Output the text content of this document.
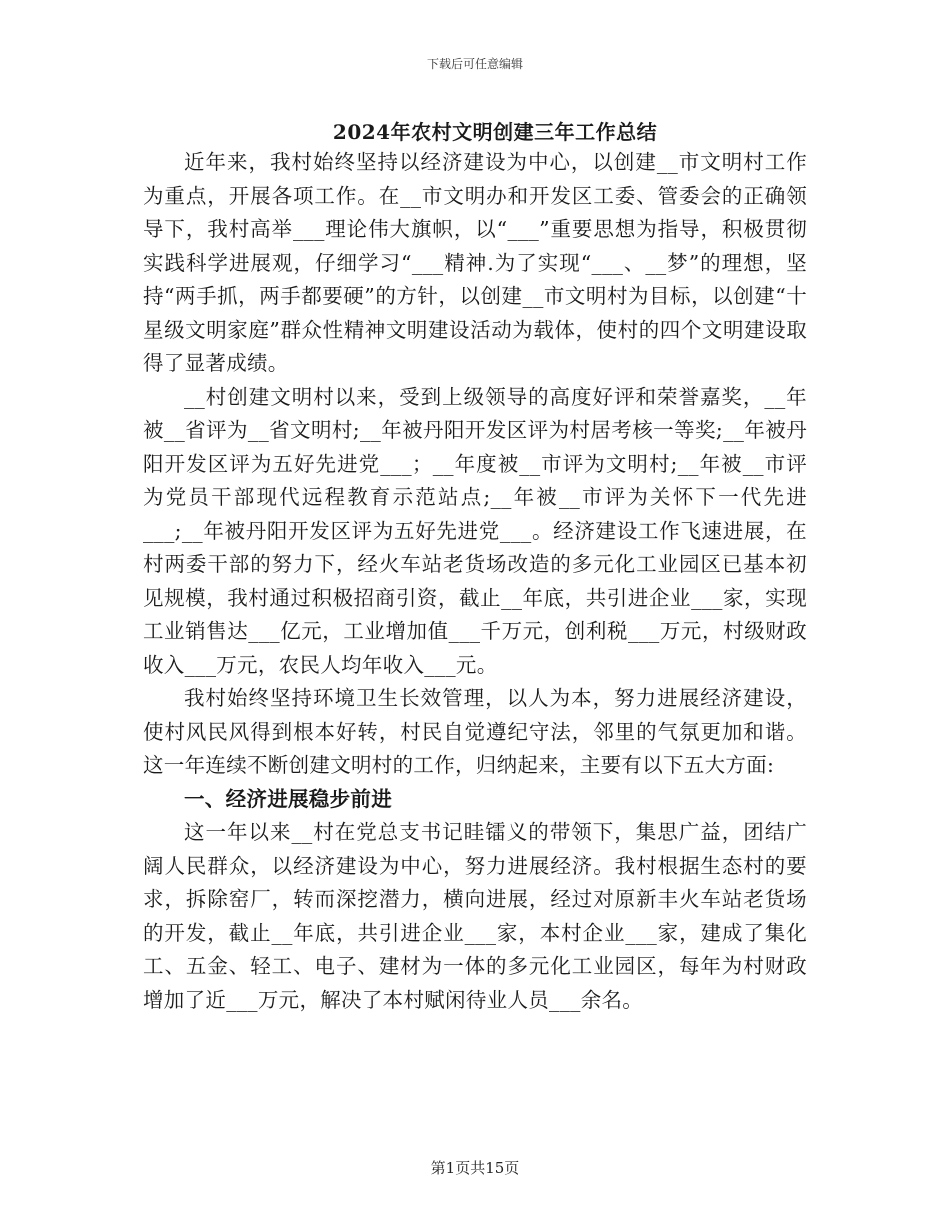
下载后可任意编辑
2024年农村文明创建三年工作总结

近年来，我村始终坚持以经济建设为中心，以创建__市文明村工作为重点，开展各项工作。在__市文明办和开发区工委、管委会的正确领导下，我村高举___理论伟大旗帜，以“___”重要思想为指导，积极贯彻实践科学进展观，仔细学习“___精神.为了实现“___、__梦”的理想，坚持“两手抓，两手都要硬”的方针，以创建__市文明村为目标，以创建“十星级文明家庭”群众性精神文明建设活动为载体，使村的四个文明建设取得了显著成绩。

__村创建文明村以来，受到上级领导的高度好评和荣誉嘉奖，__年被__省评为__省文明村;__年被丹阳开发区评为村居考核一等奖;__年被丹阳开发区评为五好先进党___；__年度被__市评为文明村;__年被__市评为党员干部现代远程教育示范站点;__年被__市评为关怀下一代先进___;__年被丹阳开发区评为五好先进党___。经济建设工作飞速进展，在村两委干部的努力下，经火车站老货场改造的多元化工业园区已基本初见规模，我村通过积极招商引资，截止__年底，共引进企业___家，实现工业销售达___亿元，工业增加值___千万元，创利税___万元，村级财政收入___万元，农民人均年收入___元。

我村始终坚持环境卫生长效管理，以人为本，努力进展经济建设，使村风民风得到根本好转，村民自觉遵纪守法，邻里的气氛更加和谐。这一年连续不断创建文明村的工作，归纳起来，主要有以下五大方面:

一、经济进展稳步前进

这一年以来__村在党总支书记眭镭义的带领下，集思广益，团结广阔人民群众，以经济建设为中心，努力进展经济。我村根据生态村的要求，拆除窑厂，转而深挖潜力，横向进展，经过对原新丰火车站老货场的开发，截止__年底，共引进企业___家，本村企业___家，建成了集化工、五金、轻工、电子、建材为一体的多元化工业园区，每年为村财政增加了近___万元，解决了本村赋闲待业人员___余名。

第1页共15页
